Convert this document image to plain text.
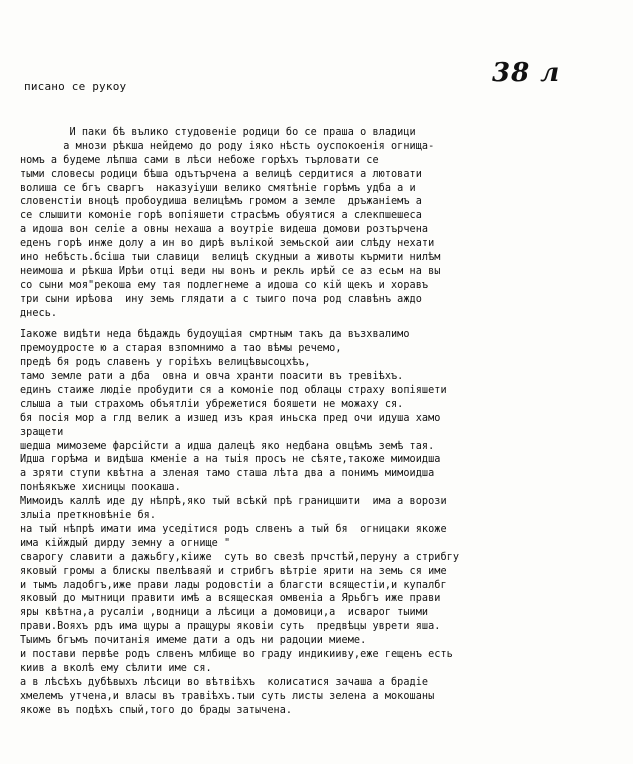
писано се рукоу	38 л
И паки бѣ вълико студовеніе родици бо се праша о владици
а мнози рѣкша нейдемо до роду іяко нѣсть оуспокоенія огнища-
номъ а будеме лѣпша сами в лѣси небоже горѣхъ търловати се
тыми словесы родици бѣша одътърчена а велицѣ сердитися а лютовати
волиша се бгъ сваргъ  наказуіуши велико смятѣніе горѣмъ удба а и
словенстіи вноцѣ пробоудиша велицѣмъ громом а земле  дръжанiемъ а
се слышити комоніе горѣ вопіяшети страсѣмъ обуятися а слекпшешеса
а идоша вон селіе а овны нехаша а воутріе видеша домови розтърчена
еденъ горѣ инже долу а ин во дирѣ вълікой земьской аии слѣду нехати
ино небѣсть.бсіша тыи славици  велицѣ скудныи а животы кърмити нилѣм
неимоша и рѣкша Ирѣи отці веди ны вонъ и рекль ирѣй се аз есьм на вы
со сыни моя"рекоша ему тая подлегнеме а идоша со кій щекъ и хоравъ
три сыни ирѣова  ину земь глядати а с тыиго поча род славѣнъ аждо
днесь.
Іакоже видѣти неда бѣдаждь будоущіая смртным такъ да възхвалимо
премоудросте ю а старая взпомнимо а тао вѣмы речемо,
предѣ бя родъ славенъ у горіѣхъ велицѣвысоцхѣъ,
тамо земле рати а дба  овна и овча хранти поасити въ тревіѣхъ.
единъ стаиже людіе пробудити ся а комоніе под облацы страху вопіяшети
слыша а тыи страхомъ объятліи убрежетися бояшети не можаху ся.
бя посія мор а глд велик а изшед изъ края иньска пред очи идуша хамо
зращети
шедша мимоземе фарсійсти а идша далецѣ яко недбана овцѣмъ земѣ тая.
Идша горѣма и видѣша кменіе а на тыія просъ не сѣяте,такоже мимоидша
а зряти ступи квѣтна а зленая тамо сташа лѣта два а понимъ мимоидша
понѣякъже хисницы поокаша.
Мимоидъ каллѣ иде ду нѣпрѣ,яко тый всѣкй прѣ границшити  има а ворози
злыіа преткновѣніе бя.
на тый нѣпрѣ имати има уседітися родъ слвенъ а тый бя  огницаки якоже
има кійждый дирду земну а огнище "
сварогу славити а дажьбгу,кіиже  суть во свезѣ прчстѣй,перуну а стрибгу
яковый громы а блискы пвелѣваяй и стрибгъ вѣтріе ярити на земь ся име
и тымъ ладобгъ,иже прави лады родовстіи а благсти всящестіи,и купалбг
яковый до мытници правити имѣ а всящеская омвеніа а Ярьбгъ иже прави
яры квѣтна,а русаліи ,водници а лѣсици а домовици,а  исварог тыими
прави.Вояхъ рдъ има щуры а пращуры яковіи суть  предвѣцы уврети яша.
Тыимъ бгъмъ почитанія имеме дати а одъ ни радоции миеме.
и постави первѣе родъ слвенъ млбище во граду индикииву,еже гещенъ есть
киив а вколѣ ему сѣлити име ся.
а в лѣсѣхъ дубѣвыхъ лѣсици во вѣтвіѣхъ  колисатися зачаша а брадіе
хмелемъ утчена,и власы въ травіѣхъ.тыи суть листы зелена а мокошаны
якоже въ подѣхъ спый,того до брады затычена.
